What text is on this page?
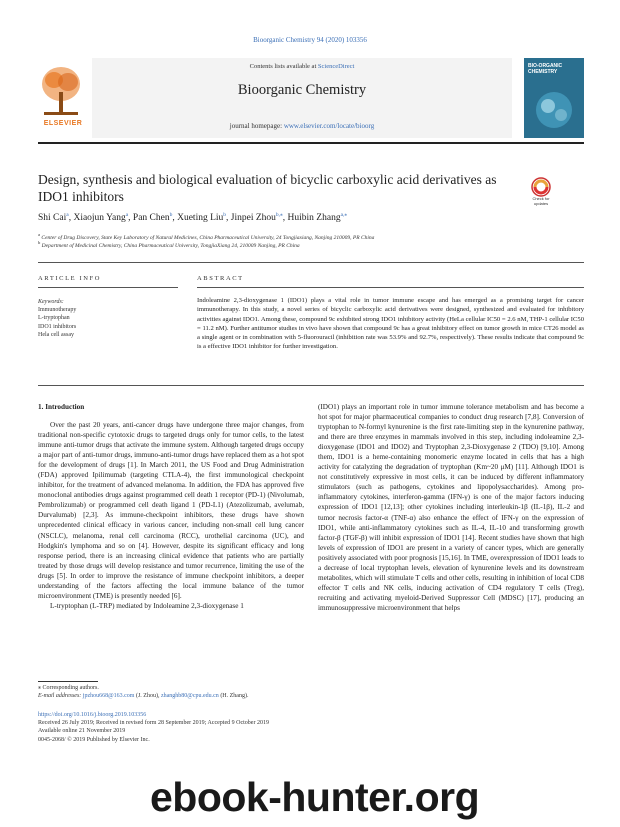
Bioorganic Chemistry 94 (2020) 103356
ELSEVIER
Contents lists available at ScienceDirect
Bioorganic Chemistry
journal homepage: www.elsevier.com/locate/bioorg
BIO-ORGANIC CHEMISTRY
Design, synthesis and biological evaluation of bicyclic carboxylic acid derivatives as IDO1 inhibitors	Check for updates
Shi Cai$^a$, Xiaojun Yang$^a$, Pan Chen$^b$, Xueting Liu$^b$, Jinpei Zhou$^{b,⁎}$, Huibin Zhang$^{a,⁎}$
$^a$ Center of Drug Discovery, State Key Laboratory of Natural Medicines, China Pharmaceutical University, 24 Tongjiaxiang, Nanjing 210009, PR China
$^b$ Department of Medicinal Chemistry, China Pharmaceutical University, TongjiaXiang 24, 210009 Nanjing, PR China
ARTICLE INFO	ABSTRACT
Keywords:
Immunotherapy
L-tryptophan
IDO1 inhibitors
Hela cell assay
Indoleamine 2,3-dioxygenase 1 (IDO1) plays a vital role in tumor immune escape and has emerged as a promising target for cancer immunotherapy. In this study, a novel series of bicyclic carboxylic acid derivatives were designed, synthesized and evaluated for inhibitory activities against IDO1. Among these, compound 9c exhibited strong IDO1 inhibitory activity (HeLa cellular IC50 = 2.6 nM, THP-1 cellular IC50 = 11.2 nM). Further antitumor studies in vivo have shown that compound 9c has a great inhibitory effect on tumor growth in mice CT26 model as a single agent or in combination with 5-fluorouracil (inhibition rate was 53.9% and 92.7%, respectively). These results indicate that compound 9c is a effective IDO1 inhibitor for further investigation.
1. Introduction

Over the past 20 years, anti-cancer drugs have undergone three major changes, from traditional non-specific cytotoxic drugs to targeted drugs only for tumor cells, to the latest immune anti-tumor drugs that activate the immune system. Although targeted drugs occupy a major part of anti-tumor drugs, immuno-anti-tumor drugs have replaced them as a hot spot for the development of drugs [1]. In March 2011, the US Food and Drug Administration (FDA) approved Ipilimumab (targeting CTLA-4), the first immunological checkpoint inhibitor, for the treatment of advanced melanoma. In addition, the FDA has approved five monoclonal antibodies drugs against programmed cell death 1 receptor (PD-1) (Nivolumab, Pembrolizumab) or programmed cell death ligand 1 (PD-L1) (Atezolizumab, avelumab, Durvalumab) [2,3]. As immune-checkpoint inhibitors, these drugs have shown unprecedented clinical efficacy in various cancer, including non-small cell lung cancer (NSCLC), melanoma, renal cell carcinoma (RCC), urothelial carcinoma (UC), and Hodgkin's lymphoma and so on [4]. However, despite its significant efficacy and long response period, there is an increasing clinical evidence that patients who are partially treated by those drugs will develop resistance and tumor recurrence, limiting the use of the drugs [5]. In order to improve the resistance of immune checkpoint inhibitors, a deeper understanding of the factors affecting the local immune balance of the tumor microenvironment (TME) is presently needed [6].

L-tryptophan (L-TRP) mediated by Indoleamine 2,3-dioxygenase 1

(IDO1) plays an important role in tumor immune tolerance metabolism and has become a hot spot for major pharmaceutical companies to conduct drug research [7,8]. Conversion of tryptophan to N-formyl kynurenine is the first rate-limiting step in the kynurenine pathway, and there are three enzymes in mammals involved in this step, including indoleamine 2,3-dioxygenase (IDO1 and IDO2) and Tryptophan 2,3-Dioxygenase 2 (TDO) [9,10]. Among them, IDO1 is a heme-containing monomeric enzyme located in cells that has a high activity for catalyzing the degradation of tryptophan (Km~20 μM) [11]. Although IDO1 is not constitutively expressive in most cells, it can be induced by different inflammatory stimulators (such as pathogens, cytokines and lipopolysaccharides). Among pro-inflammatory cytokines, interferon-gamma (IFN-γ) is one of the major factors inducing expression of IDO1 [12,13]; other cytokines including interleukin-1β (IL-1β), IL-2 and tumor necrosis factor-α (TNF-α) also enhance the effect of IFN-γ on the expression of IDO1, while anti-inflammatory cytokines such as IL-4, IL-10 and transforming growth factor-β (TGF-β) will inhibit expression of IDO1 [14]. Recent studies have shown that high levels of expression of IDO1 are present in a variety of cancer types, which are generally positively associated with poor prognosis [15,16]. In TME, overexpression of IDO1 leads to a decrease of local tryptophan levels, elevation of kynurenine levels and its downstream metabolites, which will stimulate T cells and other cells, resulting in inhibition of local CD8 effector T cells and NK cells, inducing activation of CD4 regulatory T cells (Treg), recruiting and activating myeloid-Derived Suppressor Cell (MDSC) [17], producing an immunosuppressive microenvironment that helps

⁎ Corresponding authors.
E-mail addresses: jpzhou668@163.com (J. Zhou), zhanghb80@cpu.edu.cn (H. Zhang).
https://doi.org/10.1016/j.bioorg.2019.103356
Received 26 July 2019; Received in revised form 28 September 2019; Accepted 9 October 2019
Available online 21 November 2019
0045-2068/ © 2019 Published by Elsevier Inc.
ebook-hunter.org
